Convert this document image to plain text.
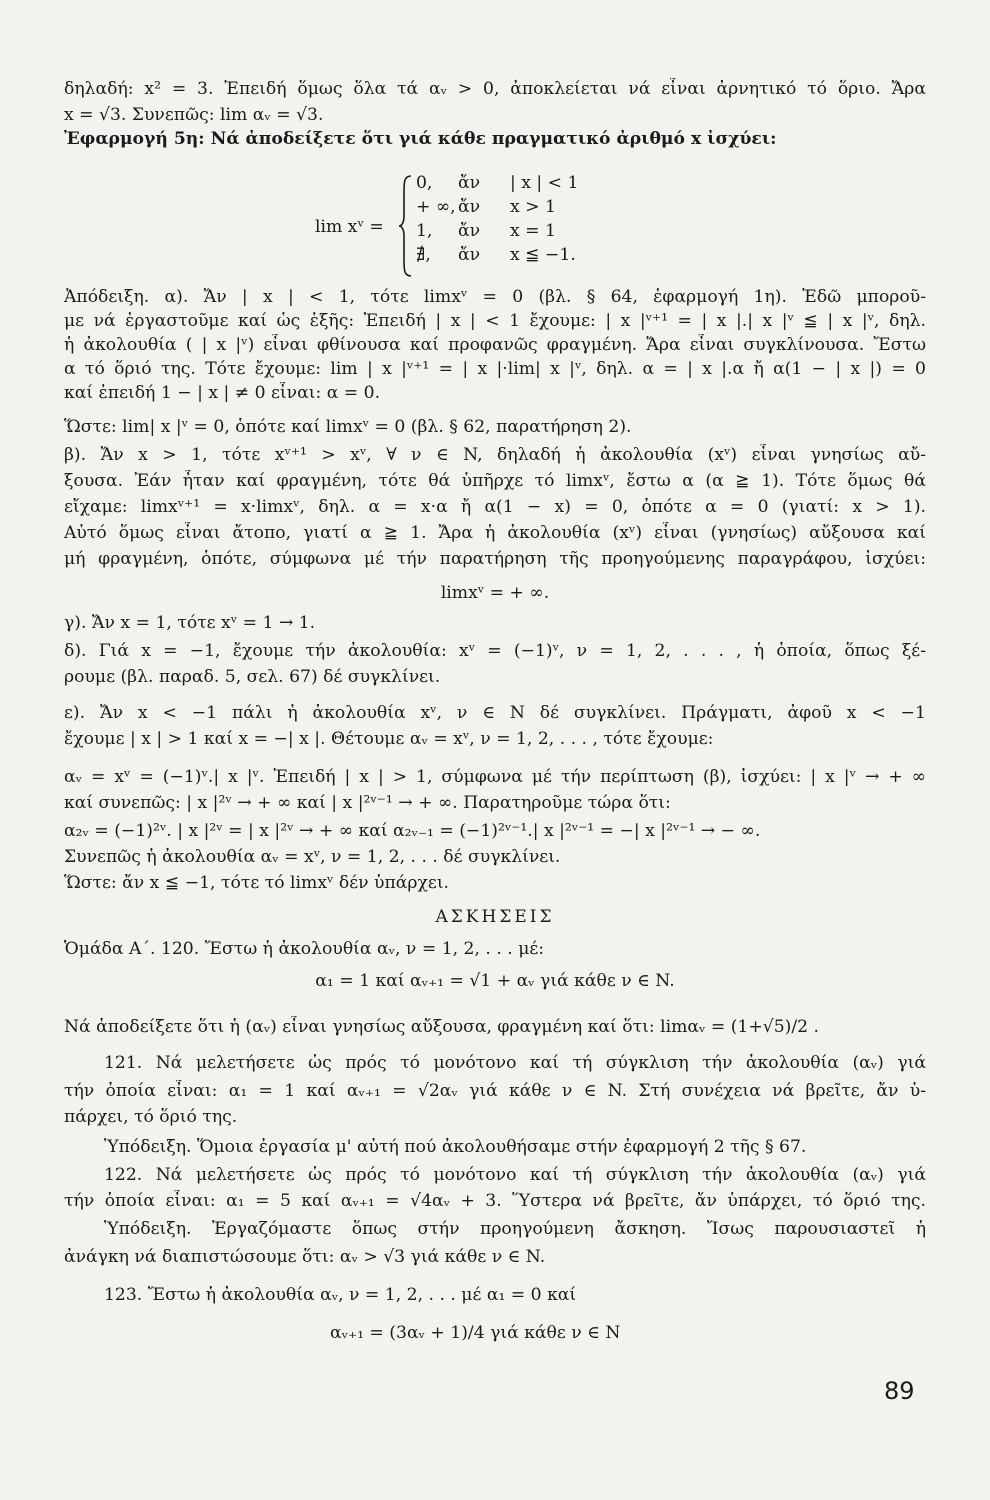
δηλαδή: x² = 3. Ἐπειδή ὅμως ὅλα τά αᵥ > 0, ἀποκλείεται νά εἶναι ἀρνητικό τό ὅριο. Ἄρα
x = √3. Συνεπῶς: lim αᵥ = √3.
Ἐφαρμογή 5η: Νά ἀποδείξετε ὅτι γιά κάθε πραγματικό ἀριθμό x ἰσχύει:
lim xᵛ =
0, ἄν | x | < 1
+ ∞, ἄν x > 1
1, ἄν x = 1
∄, ἄν x ≦ −1.
Ἀπόδειξη. α). Ἄν | x | < 1, τότε limxᵛ = 0 (βλ. § 64, ἐφαρμογή 1η). Ἐδῶ μποροῦ-
με νά ἐργαστοῦμε καί ὡς ἑξῆς: Ἐπειδή | x | < 1 ἔχουμε: | x |ᵛ⁺¹ = | x |.| x |ᵛ ≦ | x |ᵛ, δηλ.
ἡ ἀκολουθία ( | x |ᵛ) εἶναι φθίνουσα καί προφανῶς φραγμένη. Ἄρα εἶναι συγκλίνουσα. Ἔστω
α τό ὅριό της. Τότε ἔχουμε: lim | x |ᵛ⁺¹ = | x |·lim| x |ᵛ, δηλ. α = | x |.α ἤ α(1 − | x |) = 0
καί ἐπειδή 1 − | x | ≠ 0 εἶναι: α = 0.
Ὥστε: lim| x |ᵛ = 0, ὁπότε καί limxᵛ = 0 (βλ. § 62, παρατήρηση 2).
β). Ἄν x > 1, τότε xᵛ⁺¹ > xᵛ, ∀ ν ∈ N, δηλαδή ἡ ἀκολουθία (xᵛ) εἶναι γνησίως αὔ-
ξουσα. Ἐάν ἦταν καί φραγμένη, τότε θά ὑπῆρχε τό limxᵛ, ἔστω α (α ≧ 1). Τότε ὅμως θά
εἴχαμε: limxᵛ⁺¹ = x·limxᵛ, δηλ. α = x·α ἤ α(1 − x) = 0, ὁπότε α = 0 (γιατί: x > 1).
Αὐτό ὅμως εἶναι ἄτοπο, γιατί α ≧ 1. Ἄρα ἡ ἀκολουθία (xᵛ) εἶναι (γνησίως) αὔξουσα καί
μή φραγμένη, ὁπότε, σύμφωνα μέ τήν παρατήρηση τῆς προηγούμενης παραγράφου, ἰσχύει:
limxᵛ = + ∞.
γ). Ἄν x = 1, τότε xᵛ = 1 → 1.
δ). Γιά x = −1, ἔχουμε τήν ἀκολουθία: xᵛ = (−1)ᵛ, ν = 1, 2, . . . , ἡ ὁποία, ὅπως ξέ-
ρουμε (βλ. παραδ. 5, σελ. 67) δέ συγκλίνει.
ε). Ἄν x < −1 πάλι ἡ ἀκολουθία xᵛ, ν ∈ N δέ συγκλίνει. Πράγματι, ἀφοῦ x < −1
ἔχουμε | x | > 1 καί x = −| x |. Θέτουμε αᵥ = xᵛ, ν = 1, 2, . . . , τότε ἔχουμε:
αᵥ = xᵛ = (−1)ᵛ.| x |ᵛ. Ἐπειδή | x | > 1, σύμφωνα μέ τήν περίπτωση (β), ἰσχύει: | x |ᵛ → + ∞
καί συνεπῶς: | x |²ᵛ → + ∞ καί | x |²ᵛ⁻¹ → + ∞. Παρατηροῦμε τώρα ὅτι:
α₂ᵥ = (−1)²ᵛ. | x |²ᵛ = | x |²ᵛ → + ∞ καί α₂ᵥ₋₁ = (−1)²ᵛ⁻¹.| x |²ᵛ⁻¹ = −| x |²ᵛ⁻¹ → − ∞.
Συνεπῶς ἡ ἀκολουθία αᵥ = xᵛ, ν = 1, 2, . . . δέ συγκλίνει.
Ὥστε: ἄν x ≦ −1, τότε τό limxᵛ δέν ὑπάρχει.
ΑΣΚΗΣΕΙΣ
Ὁμάδα Α΄. 120. Ἔστω ἡ ἀκολουθία αᵥ, ν = 1, 2, . . . μέ:
α₁ = 1 καί αᵥ₊₁ = √1 + αᵥ γιά κάθε ν ∈ N.
Νά ἀποδείξετε ὅτι ἡ (αᵥ) εἶναι γνησίως αὔξουσα, φραγμένη καί ὅτι: limαᵥ = (1+√5)/2 .
121. Νά μελετήσετε ὡς πρός τό μονότονο καί τή σύγκλιση τήν ἀκολουθία (αᵥ) γιά
τήν ὁποία εἶναι: α₁ = 1 καί αᵥ₊₁ = √2αᵥ γιά κάθε ν ∈ N. Στή συνέχεια νά βρεῖτε, ἄν ὑ-
πάρχει, τό ὅριό της.
Ὑπόδειξη. Ὅμοια ἐργασία μ' αὐτή πού ἀκολουθήσαμε στήν ἐφαρμογή 2 τῆς § 67.
122. Νά μελετήσετε ὡς πρός τό μονότονο καί τή σύγκλιση τήν ἀκολουθία (αᵥ) γιά
τήν ὁποία εἶναι: α₁ = 5 καί αᵥ₊₁ = √4αᵥ + 3. Ὕστερα νά βρεῖτε, ἄν ὑπάρχει, τό ὅριό της.
Ὑπόδειξη. Ἐργαζόμαστε ὅπως στήν προηγούμενη ἄσκηση. Ἴσως παρουσιαστεῖ ἡ
ἀνάγκη νά διαπιστώσουμε ὅτι: αᵥ > √3 γιά κάθε ν ∈ N.
123. Ἔστω ἡ ἀκολουθία αᵥ, ν = 1, 2, . . . μέ α₁ = 0 καί
αᵥ₊₁ = (3αᵥ + 1)/4 γιά κάθε ν ∈ N
89
